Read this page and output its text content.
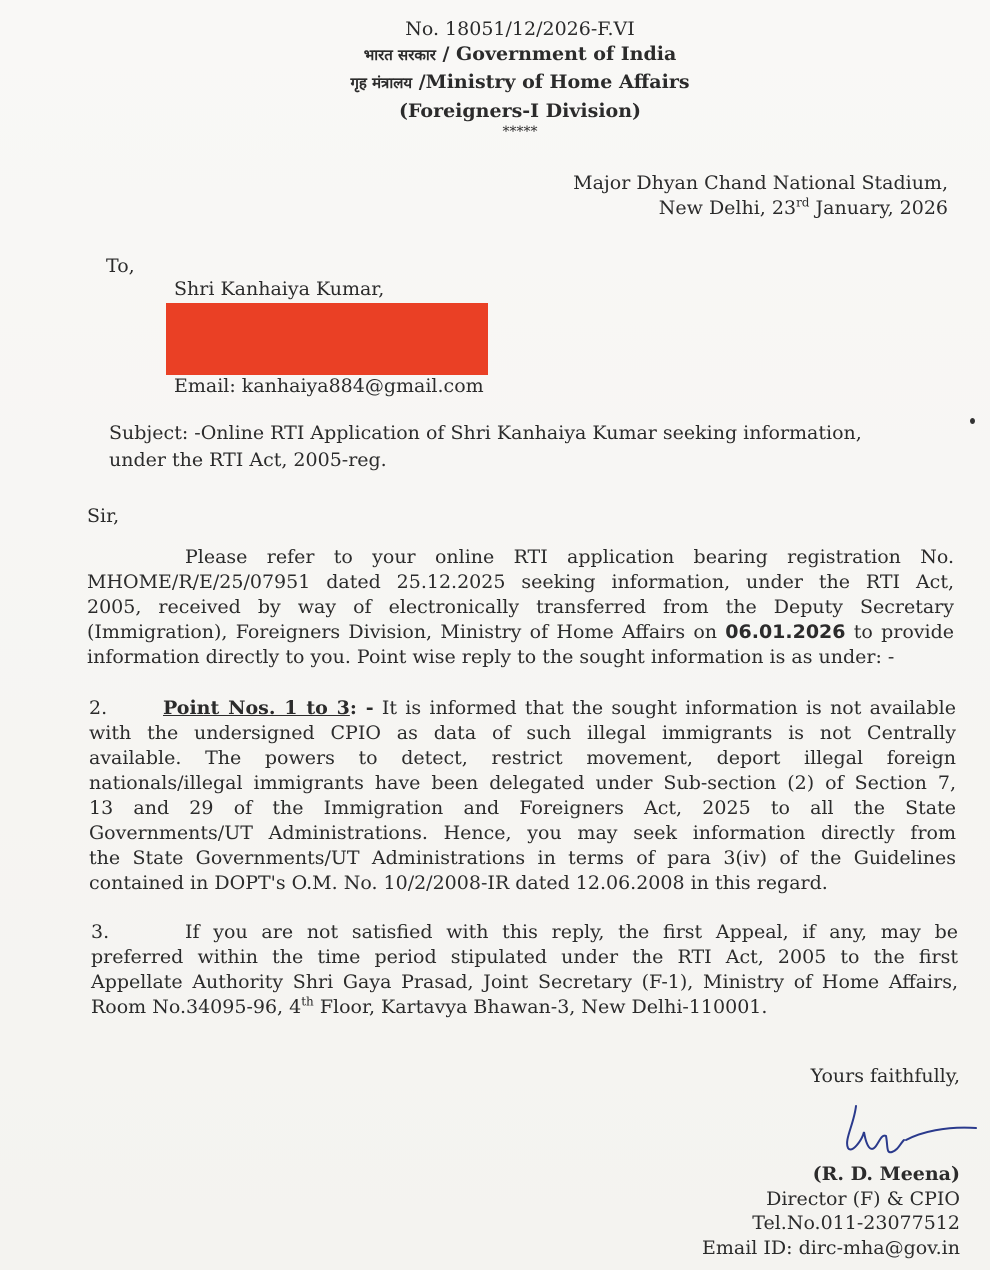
No. 18051/12/2026-F.VI

भारत सरकार / Government of India

गृह मंत्रालय /Ministry of Home Affairs

(Foreigners-I Division)

*****

Major Dhyan Chand National Stadium,

New Delhi, 23rd January, 2026

To,

Shri Kanhaiya Kumar,

Email: kanhaiya884@gmail.com

Subject: -Online RTI Application of Shri Kanhaiya Kumar seeking information,

under the RTI Act, 2005-reg.

Sir,

Please refer to your online RTI application bearing registration No.
MHOME/R/E/25/07951 dated 25.12.2025 seeking information, under the RTI Act,
2005, received by way of electronically transferred from the Deputy Secretary
(Immigration), Foreigners Division, Ministry of Home Affairs on 06.01.2026 to provide
information directly to you. Point wise reply to the sought information is as under: -
2.	Point Nos. 1 to 3: - It is informed that the sought information is not available
with the undersigned CPIO as data of such illegal immigrants is not Centrally
available. The powers to detect, restrict movement, deport illegal foreign
nationals/illegal immigrants have been delegated under Sub-section (2) of Section 7,
13 and 29 of the Immigration and Foreigners Act, 2025 to all the State
Governments/UT Administrations. Hence, you may seek information directly from
the State Governments/UT Administrations in terms of para 3(iv) of the Guidelines
contained in DOPT's O.M. No. 10/2/2008-IR dated 12.06.2008 in this regard.
3.	If you are not satisfied with this reply, the first Appeal, if any, may be
preferred within the time period stipulated under the RTI Act, 2005 to the first
Appellate Authority Shri Gaya Prasad, Joint Secretary (F-1), Ministry of Home Affairs,
Room No.34095-96, 4th Floor, Kartavya Bhawan-3, New Delhi-110001.

Yours faithfully,

(R. D. Meena)

Director (F) & CPIO

Tel.No.011-23077512

Email ID: dirc-mha@gov.in
